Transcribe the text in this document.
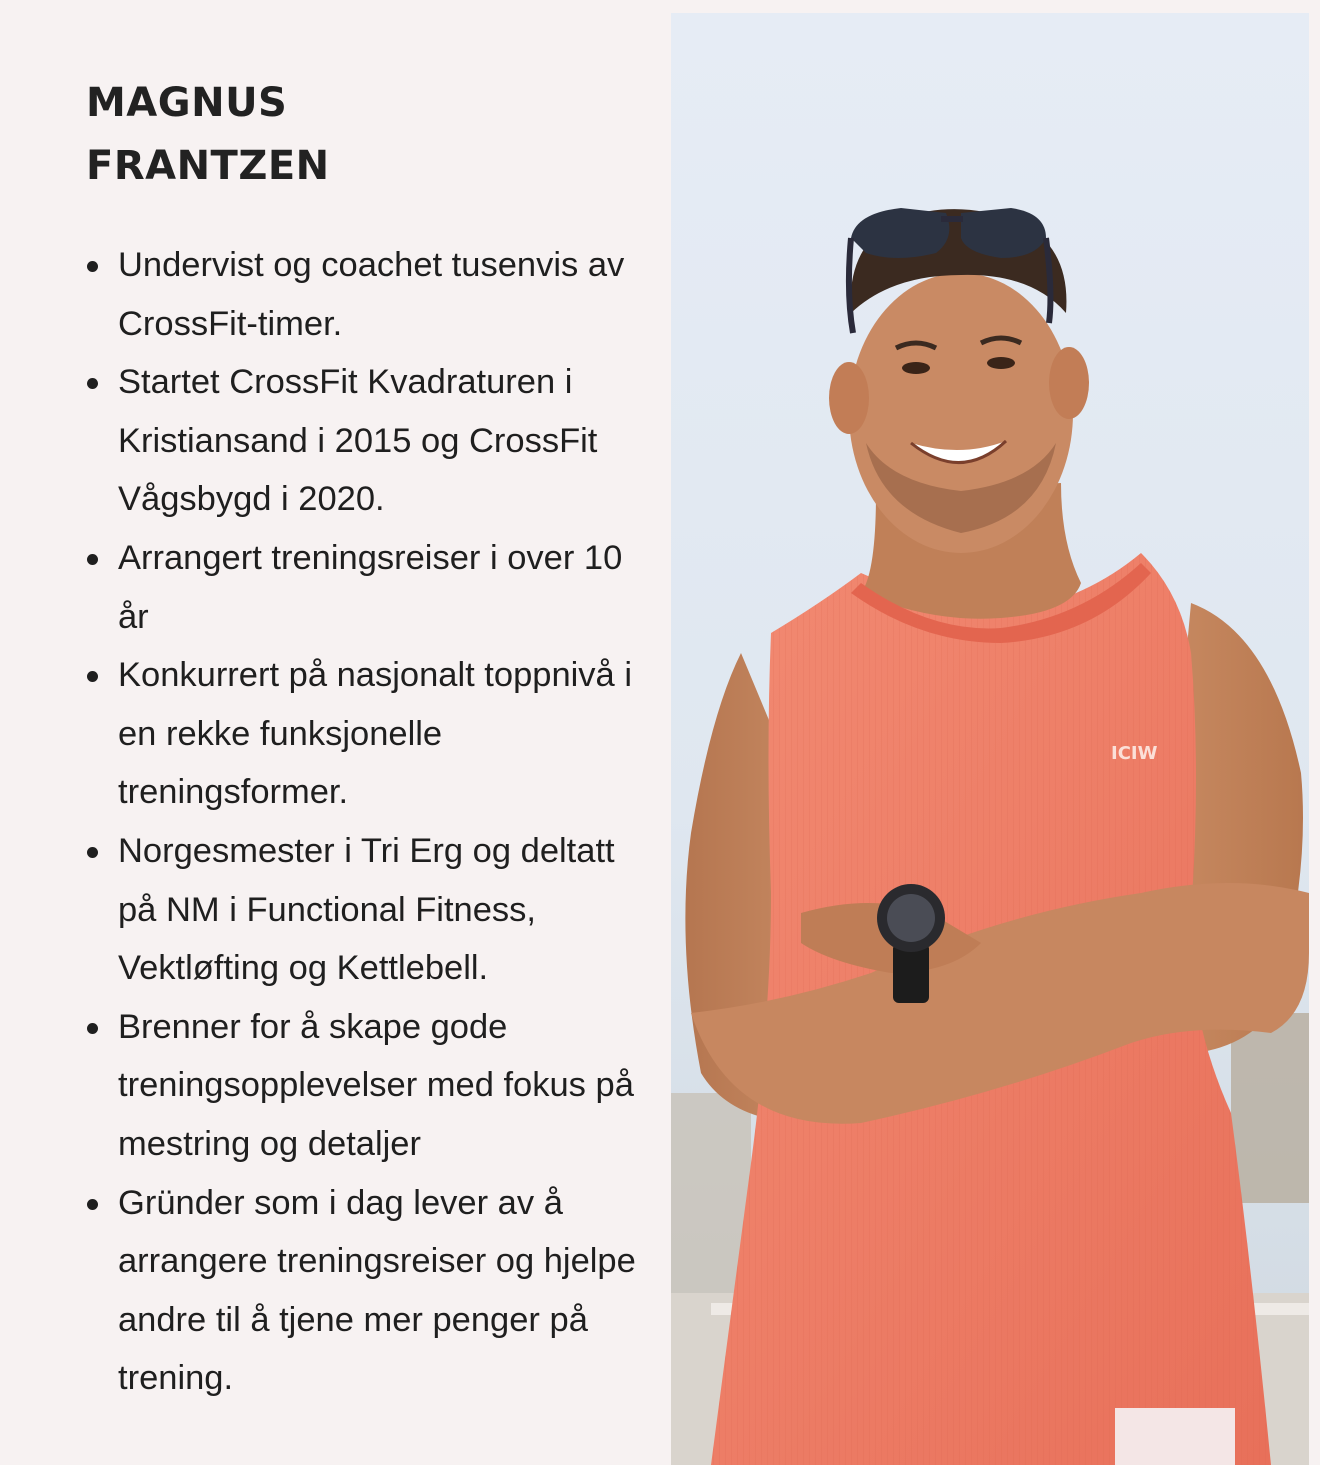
MAGNUS
FRANTZEN
Undervist og coachet tusenvis av CrossFit-timer.
Startet CrossFit Kvadraturen i Kristiansand i 2015 og CrossFit Vågsbygd i 2020.
Arrangert treningsreiser i over 10 år
Konkurrert på nasjonalt toppnivå i en rekke funksjonelle treningsformer.
Norgesmester i Tri Erg og deltatt på NM i Functional Fitness, Vektløfting og Kettlebell.
Brenner for å skape gode treningsopplevelser med fokus på mestring og detaljer
Gründer som i dag lever av å arrangere treningsreiser og hjelpe andre til å tjene mer penger på trening.
ICIW
